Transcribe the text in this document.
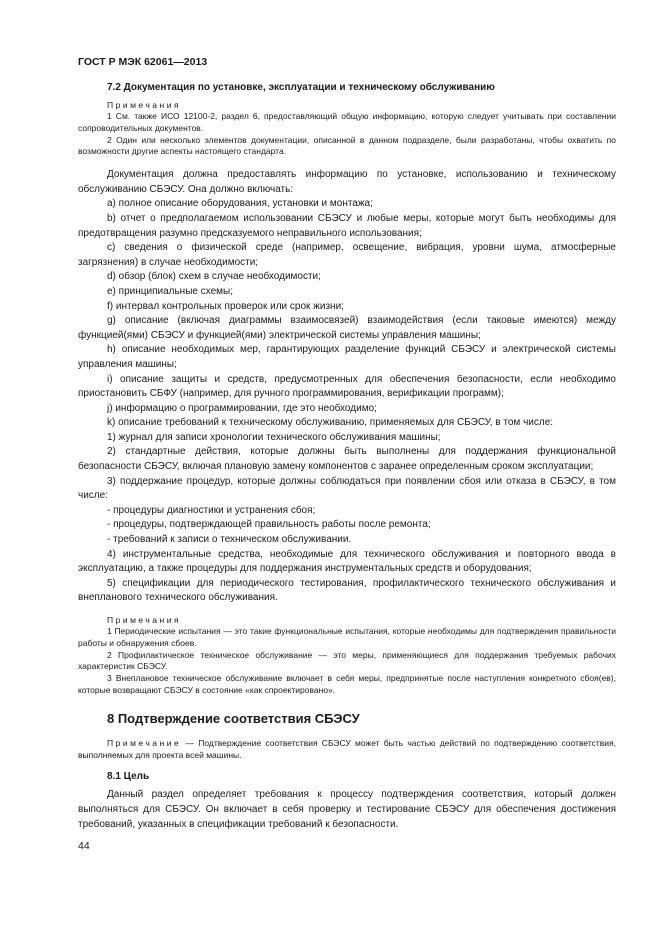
ГОСТ Р МЭК 62061—2013
7.2 Документация по установке, эксплуатации и техническому обслуживанию
Примечания

1 См. также ИСО 12100-2, раздел 6, предоставляющий общую информацию, которую следует учитывать при составлении сопроводительных документов.

2 Один или несколько элементов документации, описанной в данном подразделе, были разработаны, чтобы охватить по возможности другие аспекты настоящего стандарта.

Документация должна предоставлять информацию по установке, использованию и техническому обслуживанию СБЭСУ. Она должно включать:

a) полное описание оборудования, установки и монтажа;

b) отчет о предполагаемом использовании СБЭСУ и любые меры, которые могут быть необходимы для предотвращения разумно предсказуемого неправильного использования;

c) сведения о физической среде (например, освещение, вибрация, уровни шума, атмосферные загрязнения) в случае необходимости;

d) обзор (блок) схем в случае необходимости;

e) принципиальные схемы;

f) интервал контрольных проверок или срок жизни;

g) описание (включая диаграммы взаимосвязей) взаимодействия (если таковые имеются) между функцией(ями) СБЭСУ и функцией(ями) электрической системы управления машины;

h) описание необходимых мер, гарантирующих разделение функций СБЭСУ и электрической системы управления машины;

i) описание защиты и средств, предусмотренных для обеспечения безопасности, если необходимо приостановить СБФУ (например, для ручного программирования, верификации программ);

j) информацию о программировании, где это необходимо;

k) описание требований к техническому обслуживанию, применяемых для СБЭСУ, в том числе:

1) журнал для записи хронологии технического обслуживания машины;

2) стандартные действия, которые должны быть выполнены для поддержания функциональной безопасности СБЭСУ, включая плановую замену компонентов с заранее определенным сроком эксплуатации;

3) поддержание процедур, которые должны соблюдаться при появлении сбоя или отказа в СБЭСУ, в том числе:

- процедуры диагностики и устранения сбоя;

- процедуры, подтверждающей правильность работы после ремонта;

- требований к записи о техническом обслуживании.

4) инструментальные средства, необходимые для технического обслуживания и повторного ввода в эксплуатацию, а также процедуры для поддержания инструментальных средств и оборудования;

5) спецификации для периодического тестирования, профилактического технического обслуживания и внепланового технического обслуживания.

Примечания

1 Периодические испытания — это такие функциональные испытания, которые необходимы для подтверждения правильности работы и обнаружения сбоев.

2 Профилактическое техническое обслуживание — это меры, применяющиеся для поддержания требуемых рабочих характеристик СБЭСУ.

3 Внеплановое техническое обслуживание включает в себя меры, предпринятые после наступления конкретного сбоя(ев), которые возвращают СБЭСУ в состояние «как спроектировано».

8 Подтверждение соответствия СБЭСУ

Примечание — Подтверждение соответствия СБЭСУ может быть частью действий по подтверждению соответствия, выполняемых для проекта всей машины.

8.1 Цель

Данный раздел определяет требования к процессу подтверждения соответствия, который должен выполняться для СБЭСУ. Он включает в себя проверку и тестирование СБЭСУ для обеспечения достижения требований, указанных в спецификации требований к безопасности.

44
